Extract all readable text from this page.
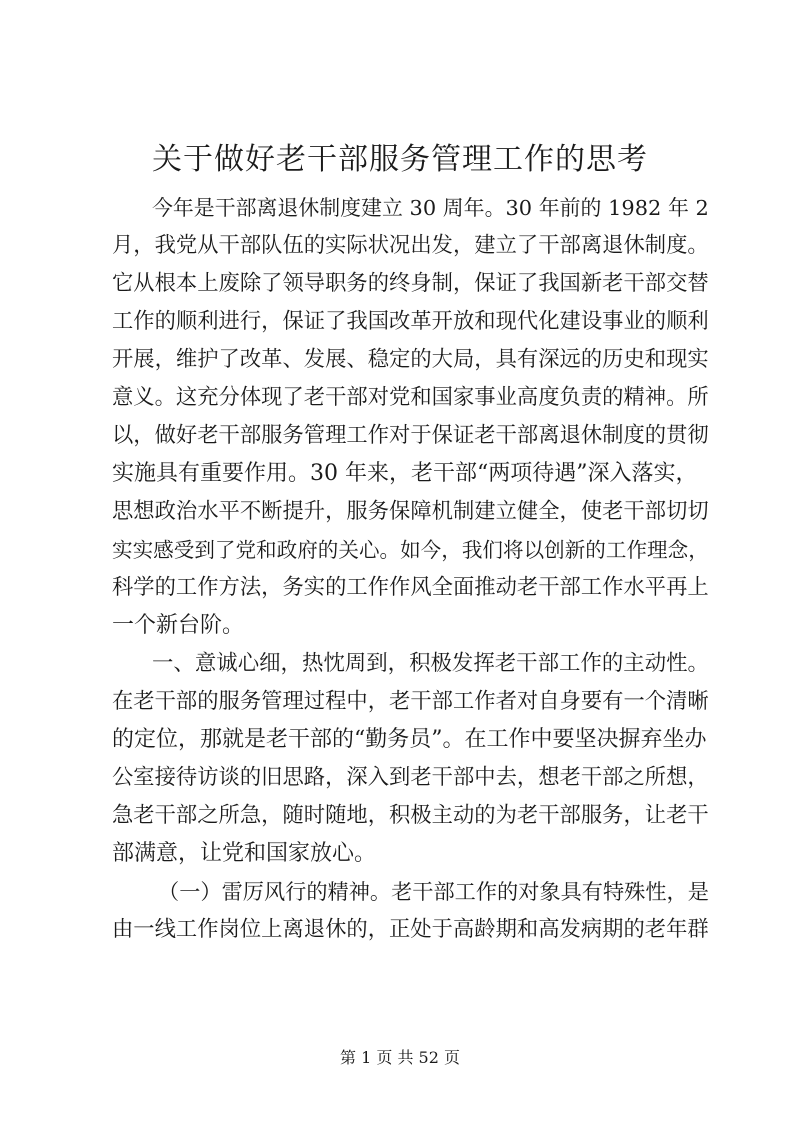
关于做好老干部服务管理工作的思考

今年是干部离退休制度建立 30 周年。30 年前的 1982 年 2

月，我党从干部队伍的实际状况出发，建立了干部离退休制度。

它从根本上废除了领导职务的终身制，保证了我国新老干部交替

工作的顺利进行，保证了我国改革开放和现代化建设事业的顺利

开展，维护了改革、发展、稳定的大局，具有深远的历史和现实

意义。这充分体现了老干部对党和国家事业高度负责的精神。所

以，做好老干部服务管理工作对于保证老干部离退休制度的贯彻

实施具有重要作用。30 年来，老干部“两项待遇”深入落实，

思想政治水平不断提升，服务保障机制建立健全，使老干部切切

实实感受到了党和政府的关心。如今，我们将以创新的工作理念，

科学的工作方法，务实的工作作风全面推动老干部工作水平再上

一个新台阶。

一、意诚心细，热忱周到，积极发挥老干部工作的主动性。

在老干部的服务管理过程中，老干部工作者对自身要有一个清晰

的定位，那就是老干部的“勤务员”。在工作中要坚决摒弃坐办

公室接待访谈的旧思路，深入到老干部中去，想老干部之所想，

急老干部之所急，随时随地，积极主动的为老干部服务，让老干

部满意，让党和国家放心。

（一）雷厉风行的精神。老干部工作的对象具有特殊性，是

由一线工作岗位上离退休的，正处于高龄期和高发病期的老年群

第 1 页 共 52 页
